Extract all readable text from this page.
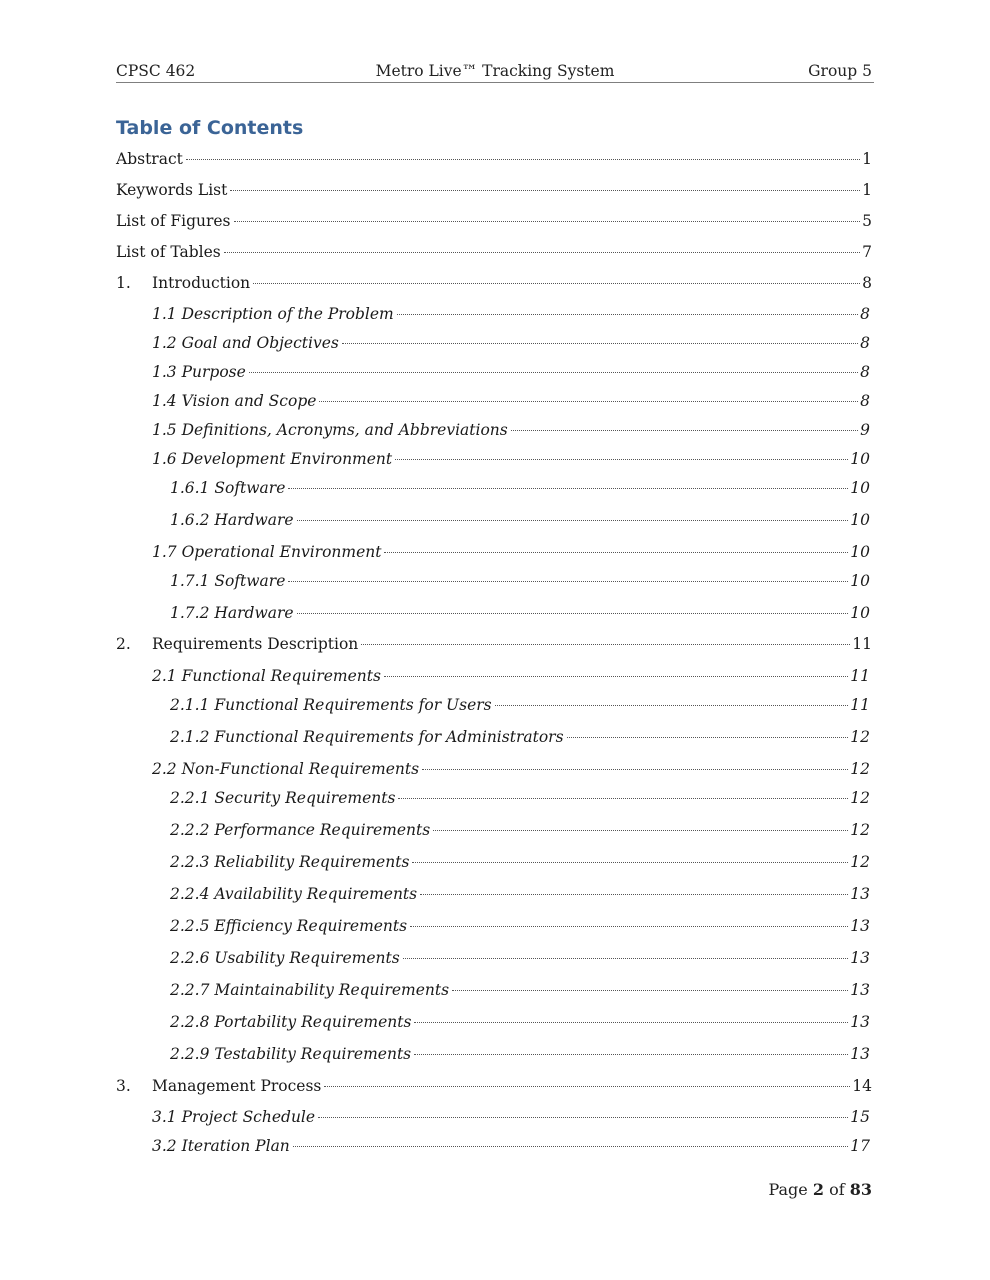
CPSC 462	Metro Live™ Tracking System	Group 5
Table of Contents
Abstract	1
Keywords List	1
List of Figures	5
List of Tables	7
1.	Introduction	8
1.1 Description of the Problem	8
1.2 Goal and Objectives	8
1.3 Purpose	8
1.4 Vision and Scope	8
1.5 Definitions, Acronyms, and Abbreviations	9
1.6 Development Environment	10
1.6.1 Software	10
1.6.2 Hardware	10
1.7 Operational Environment	10
1.7.1 Software	10
1.7.2 Hardware	10
2.	Requirements Description	11
2.1 Functional Requirements	11
2.1.1 Functional Requirements for Users	11
2.1.2 Functional Requirements for Administrators	12
2.2 Non-Functional Requirements	12
2.2.1 Security Requirements	12
2.2.2 Performance Requirements	12
2.2.3 Reliability Requirements	12
2.2.4 Availability Requirements	13
2.2.5 Efficiency Requirements	13
2.2.6 Usability Requirements	13
2.2.7 Maintainability Requirements	13
2.2.8 Portability Requirements	13
2.2.9 Testability Requirements	13
3.	Management Process	14
3.1 Project Schedule	15
3.2 Iteration Plan	17
Page 2 of 83
